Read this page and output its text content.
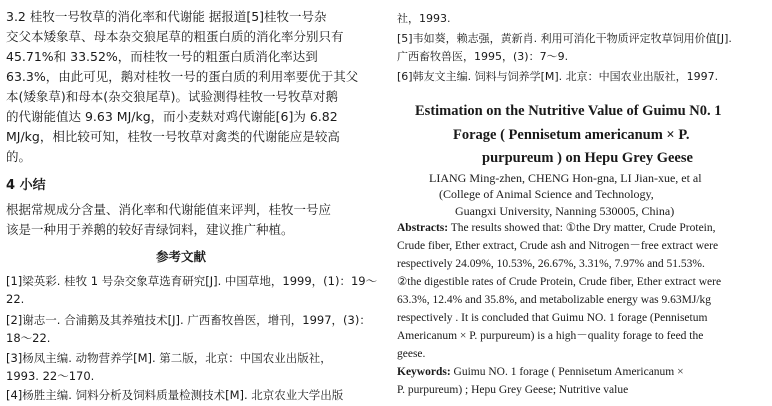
3.2 桂牧一号牧草的消化率和代谢能 据报道[5]桂牧一号杂
交父本矮象草、母本杂交狼尾草的粗蛋白质的消化率分别只有
45.71%和 33.52%，而桂牧一号的粗蛋白质消化率达到
63.3%，由此可见，鹅对桂牧一号的蛋白质的利用率要优于其父
本(矮象草)和母本(杂交狼尾草)。试验测得桂牧一号牧草对鹅
的代谢能值达 9.63 MJ/kg，而小麦麸对鸡代谢能[6]为 6.82
MJ/kg，相比较可知，桂牧一号牧草对禽类的代谢能应是较高
的。
4 小结
根据常规成分含量、消化率和代谢能值来评判，桂牧一号应
该是一种用于养鹅的较好青绿饲料，建议推广种植。
参考文献
[1]梁英彩. 桂牧 1 号杂交象草选育研究[J]. 中国草地，1999，(1)：19～
22.
[2]谢志一. 合浦鹅及其养殖技术[J]. 广西畜牧兽医，增刊，1997，(3)：
18～22.
[3]杨凤主编. 动物营养学[M]. 第二版，北京：中国农业出版社，
1993. 22～170.
[4]杨胜主编. 饲料分析及饲料质量检测技术[M]. 北京农业大学出版
社，1993.
[5]韦如葵，赖志强，黄新肖. 利用可消化干物质评定牧草饲用价值[J].
广西畜牧兽医，1995，(3)：7～9.
[6]韩友文主编. 饲料与饲养学[M]. 北京：中国农业出版社，1997.
Estimation on the Nutritive Value of Guimu N0. 1
Forage ( Pennisetum americanum × P.
purpureum ) on Hepu Grey Geese
LIANG Ming-zhen, CHENG Hon-gna, LI Jian-xue, et al
(College of Animal Science and Technology,
Guangxi University, Nanning 530005, China)
Abstracts: The results showed that: ①the Dry matter, Crude Protein,
Crude fiber, Ether extract, Crude ash and Nitrogen－free extract were
respectively 24.09%, 10.53%, 26.67%, 3.31%, 7.97% and 51.53%.
②the digestible rates of Crude Protein, Crude fiber, Ether extract were
63.3%, 12.4% and 35.8%, and metabolizable energy was 9.63MJ/kg
respectively . It is concluded that Guimu NO. 1 forage (Pennisetum
Americanum × P. purpureum) is a high－quality forage to feed the
geese.
Keywords: Guimu NO. 1 forage ( Pennisetum Americanum ×
P. purpureum) ; Hepu Grey Geese; Nutritive value
